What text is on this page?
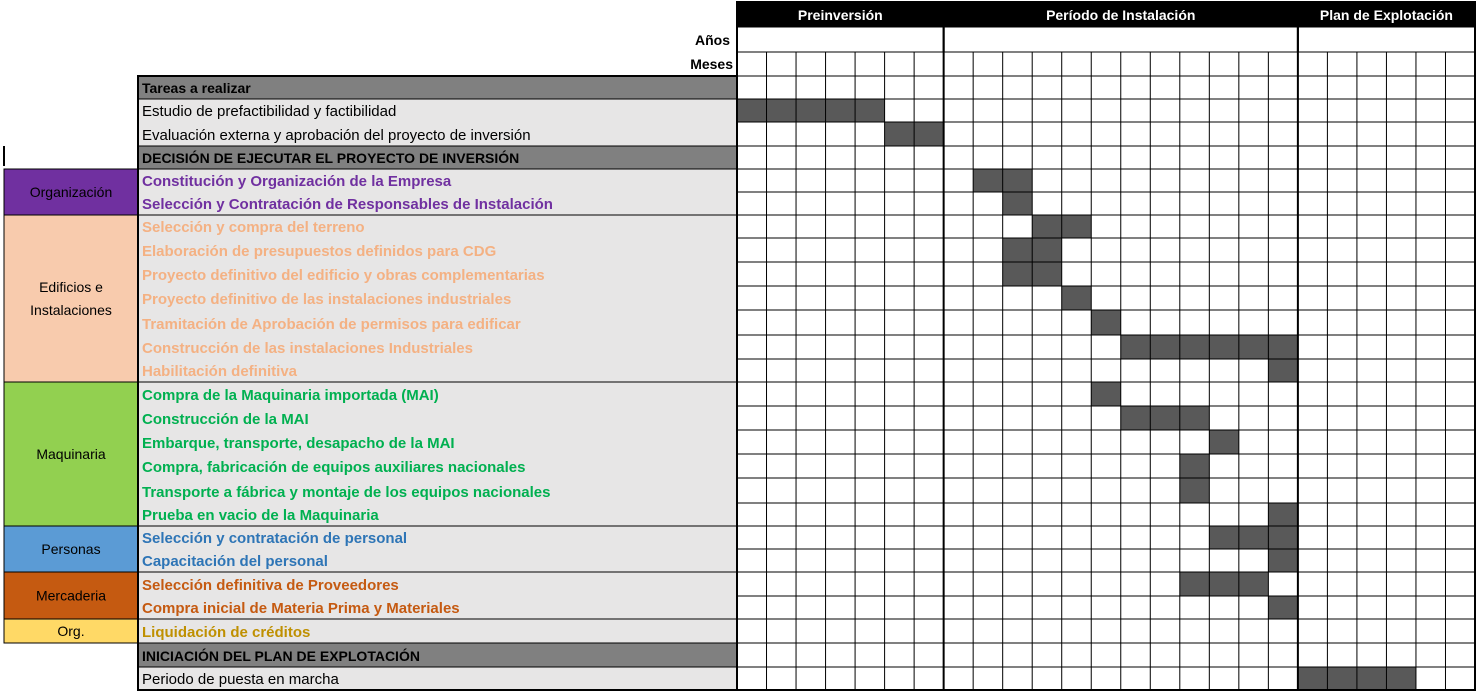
Preinversión	Período de Instalación	Plan de Explotación
Años
Meses
Organización
Edificios e
Instalaciones
Maquinaria
Personas
Mercaderia
Org.
Tareas a realizar
Estudio de prefactibilidad y factibilidad
Evaluación externa y aprobación del proyecto de inversión
DECISIÓN DE EJECUTAR EL PROYECTO DE INVERSIÓN
Constitución y Organización de la Empresa
Selección y Contratación de Responsables de Instalación
Selección y compra del terreno
Elaboración de presupuestos definidos para CDG
Proyecto definitivo del edificio y obras complementarias
Proyecto definitivo de las instalaciones industriales
Tramitación de Aprobación de permisos para edificar
Construcción de las instalaciones Industriales
Habilitación definitiva
Compra de la Maquinaria importada (MAI)
Construcción de la MAI
Embarque, transporte, desapacho de la MAI
Compra, fabricación de equipos auxiliares nacionales
Transporte a fábrica y montaje de los equipos nacionales
Prueba en vacio de la Maquinaria
Selección y contratación de personal
Capacitación del personal
Selección definitiva de Proveedores
Compra inicial de Materia Prima y Materiales
Liquidación de créditos
INICIACIÓN DEL PLAN DE EXPLOTACIÓN
Periodo de puesta en marcha
